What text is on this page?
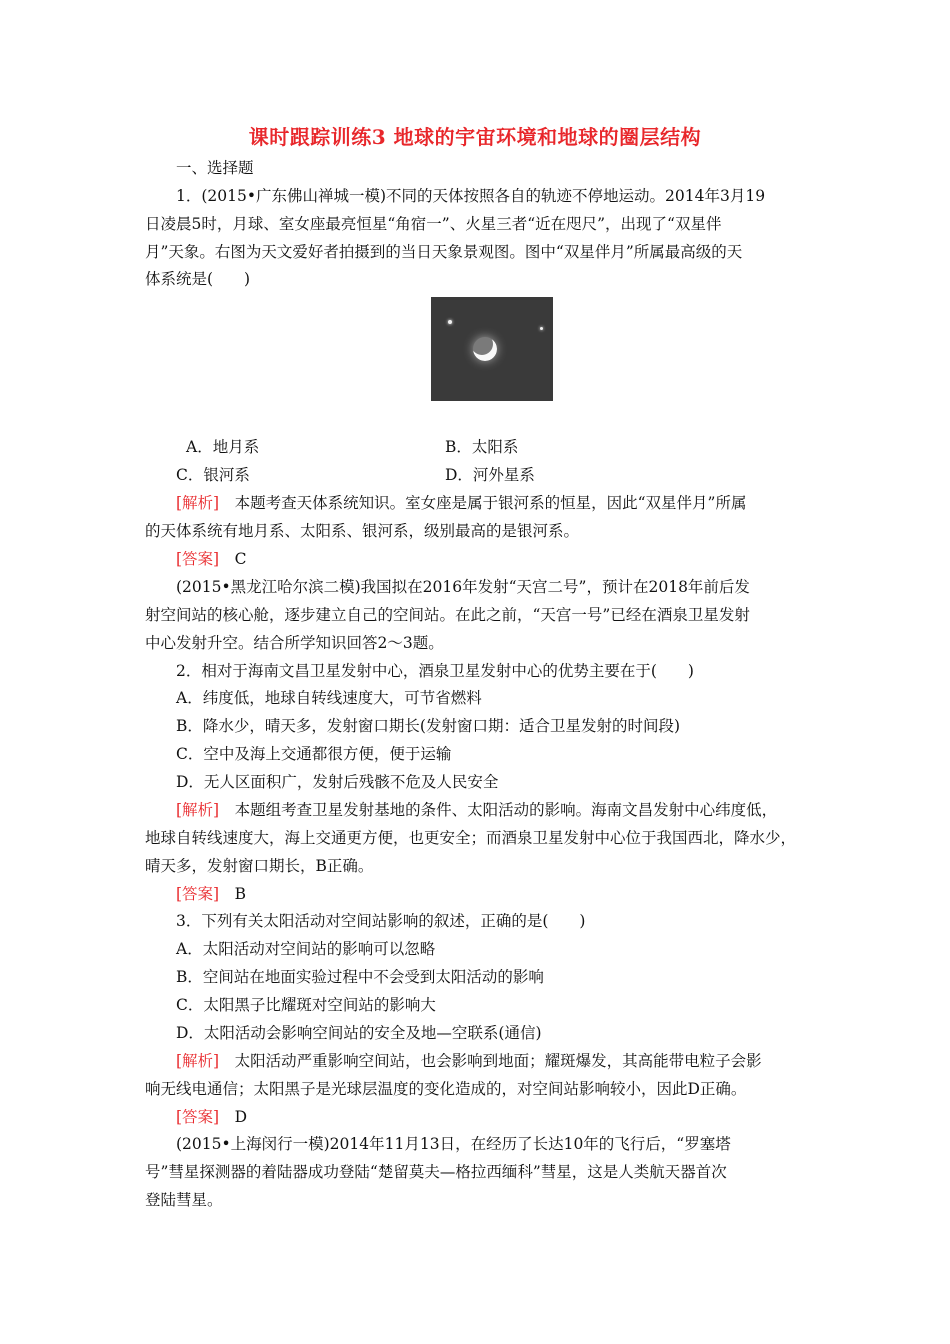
课时跟踪训练3 地球的宇宙环境和地球的圈层结构
一、选择题
1．(2015•广东佛山禅城一模)不同的天体按照各自的轨迹不停地运动。2014年3月19
日凌晨5时，月球、室女座最亮恒星“角宿一”、火星三者“近在咫尺”，出现了“双星伴
月”天象。右图为天文爱好者拍摄到的当日天象景观图。图中“双星伴月”所属最高级的天
体系统是(　　)
A．地月系	B．太阳系
C．银河系	D．河外星系
[解析]　本题考查天体系统知识。室女座是属于银河系的恒星，因此“双星伴月”所属
的天体系统有地月系、太阳系、银河系，级别最高的是银河系。
[答案]　C
(2015•黑龙江哈尔滨二模)我国拟在2016年发射“天宫二号”，预计在2018年前后发
射空间站的核心舱，逐步建立自己的空间站。在此之前，“天宫一号”已经在酒泉卫星发射
中心发射升空。结合所学知识回答2～3题。
2．相对于海南文昌卫星发射中心，酒泉卫星发射中心的优势主要在于(　　)
A．纬度低，地球自转线速度大，可节省燃料
B．降水少，晴天多，发射窗口期长(发射窗口期：适合卫星发射的时间段)
C．空中及海上交通都很方便，便于运输
D．无人区面积广，发射后残骸不危及人民安全
[解析]　本题组考查卫星发射基地的条件、太阳活动的影响。海南文昌发射中心纬度低，
地球自转线速度大，海上交通更方便，也更安全；而酒泉卫星发射中心位于我国西北，降水少，
晴天多，发射窗口期长，B正确。
[答案]　B
3．下列有关太阳活动对空间站影响的叙述，正确的是(　　)
A．太阳活动对空间站的影响可以忽略
B．空间站在地面实验过程中不会受到太阳活动的影响
C．太阳黑子比耀斑对空间站的影响大
D．太阳活动会影响空间站的安全及地—空联系(通信)
[解析]　太阳活动严重影响空间站，也会影响到地面；耀斑爆发，其高能带电粒子会影
响无线电通信；太阳黑子是光球层温度的变化造成的，对空间站影响较小，因此D正确。
[答案]　D
(2015•上海闵行一模)2014年11月13日，在经历了长达10年的飞行后，“罗塞塔
号”彗星探测器的着陆器成功登陆“楚留莫夫—格拉西缅科”彗星，这是人类航天器首次
登陆彗星。
